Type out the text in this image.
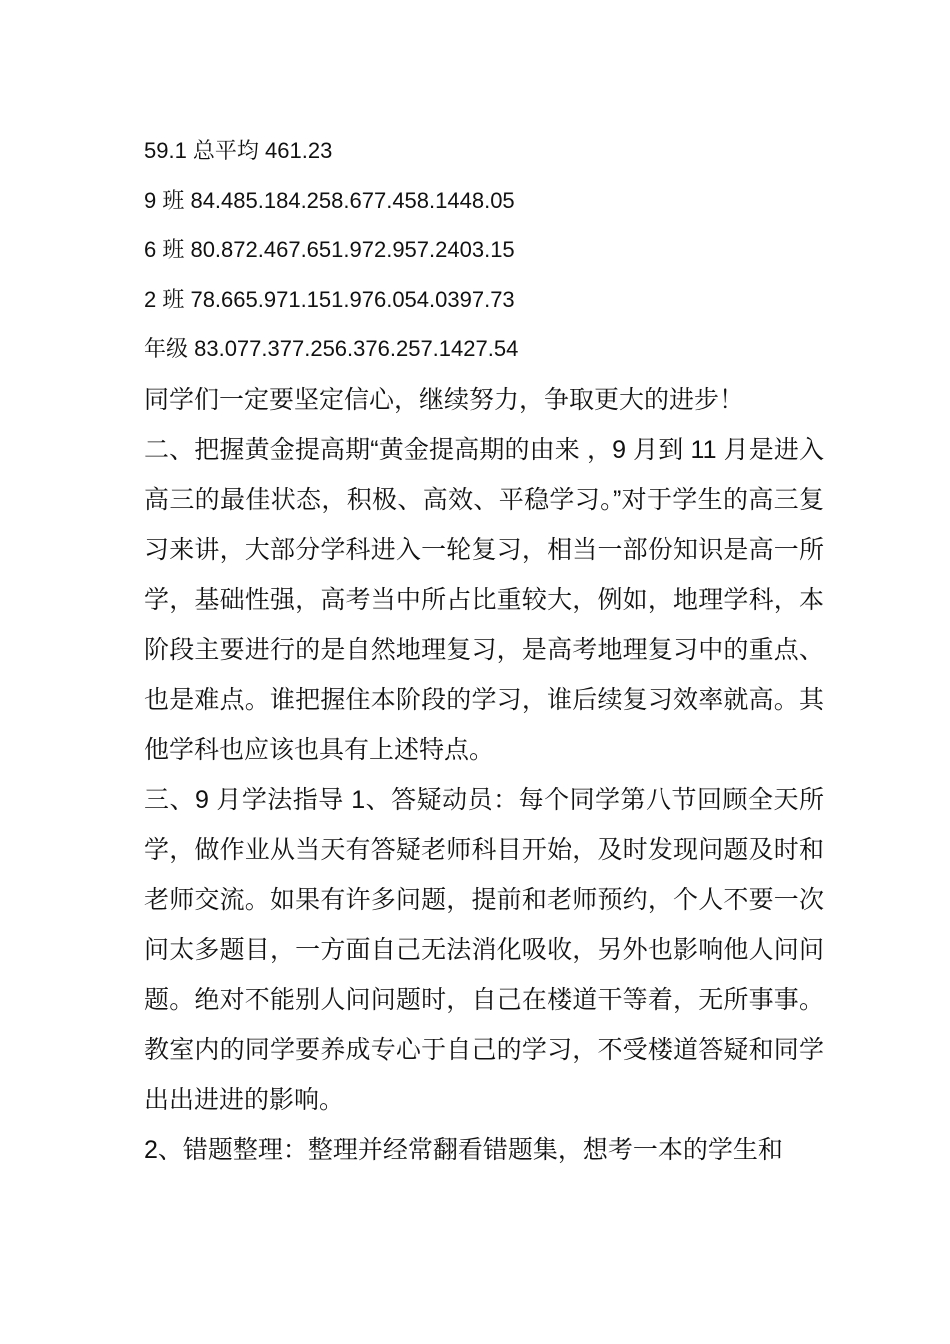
59.1 总平均 461.23

9 班 84.485.184.258.677.458.1448.05

6 班 80.872.467.651.972.957.2403.15

2 班 78.665.971.151.976.054.0397.73

年级 83.077.377.256.376.257.1427.54

同学们一定要坚定信心，继续努力，争取更大的进步！

二、把握黄金提高期“黄金提高期的由来 ，9 月到 11 月是进入高三的最佳状态，积极、高效、平稳学习。”对于学生的高三复习来讲，大部分学科进入一轮复习，相当一部份知识是高一所学，基础性强，高考当中所占比重较大，例如，地理学科，本阶段主要进行的是自然地理复习，是高考地理复习中的重点、也是难点。谁把握住本阶段的学习，谁后续复习效率就高。其他学科也应该也具有上述特点。

三、9 月学法指导 1、答疑动员：每个同学第八节回顾全天所学，做作业从当天有答疑老师科目开始，及时发现问题及时和老师交流。如果有许多问题，提前和老师预约，个人不要一次问太多题目，一方面自己无法消化吸收，另外也影响他人问问题。绝对不能别人问问题时，自己在楼道干等着，无所事事。教室内的同学要养成专心于自己的学习，不受楼道答疑和同学出出进进的影响。

2、错题整理：整理并经常翻看错题集，想考一本的学生和
